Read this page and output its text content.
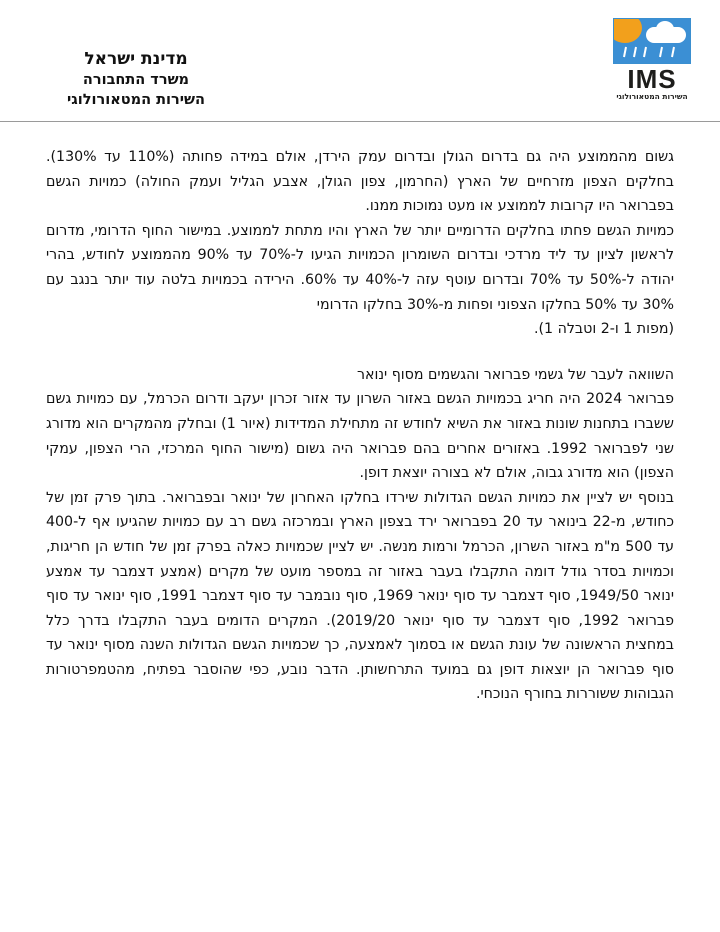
IMS
השירות המטאורולוגי
מדינת ישראל
משרד התחבורה
השירות המטאורולוגי

גשום מהממוצע היה גם בדרום הגולן ובדרום עמק הירדן, אולם במידה פחותה (110% עד 130%). בחלקים הצפון מזרחיים של הארץ (החרמון, צפון הגולן, אצבע הגליל ועמק החולה) כמויות הגשם בפברואר היו קרובות לממוצע או מעט נמוכות ממנו.

כמויות הגשם פחתו בחלקים הדרומיים יותר של הארץ והיו מתחת לממוצע. במישור החוף הדרומי, מדרום לראשון לציון עד ליד מרדכי ובדרום השומרון הכמויות הגיעו ל-70% עד 90% מהממוצע לחודש, בהרי יהודה ל-50% עד 70% ובדרום עוטף עזה ל-40% עד 60%. הירידה בכמויות בלטה עוד יותר בנגב עם 30% עד 50% בחלקו הצפוני ופחות מ-30% בחלקו הדרומי

(מפות 1 ו-2 וטבלה 1).

השוואה לעבר של גשמי פברואר והגשמים מסוף ינואר

פברואר 2024 היה חריג בכמויות הגשם באזור השרון עד אזור זכרון יעקב ודרום הכרמל, עם כמויות גשם ששברו בתחנות שונות באזור את השיא לחודש זה מתחילת המדידות (איור 1) ובחלק מהמקרים הוא מדורג שני לפברואר 1992. באזורים אחרים בהם פברואר היה גשום (מישור החוף המרכזי, הרי הצפון, עמקי הצפון) הוא מדורג גבוה, אולם לא בצורה יוצאת דופן.

בנוסף יש לציין את כמויות הגשם הגדולות שירדו בחלקו האחרון של ינואר ובפברואר. בתוך פרק זמן של כחודש, מ-22 בינואר עד 20 בפברואר ירד בצפון הארץ ובמרכזה גשם רב עם כמויות שהגיעו אף ל-400 עד 500 מ"מ באזור השרון, הכרמל ורמות מנשה. יש לציין שכמויות כאלה בפרק זמן של חודש הן חריגות, וכמויות בסדר גודל דומה התקבלו בעבר באזור זה במספר מועט של מקרים (אמצע דצמבר עד אמצע ינואר 1949/50, סוף דצמבר עד סוף ינואר 1969, סוף נובמבר עד סוף דצמבר 1991, סוף ינואר עד סוף פברואר 1992, סוף דצמבר עד סוף ינואר 2019/20). המקרים הדומים בעבר התקבלו בדרך כלל במחצית הראשונה של עונת הגשם או בסמוך לאמצעה, כך שכמויות הגשם הגדולות השנה מסוף ינואר עד סוף פברואר הן יוצאות דופן גם במועד התרחשותן. הדבר נובע, כפי שהוסבר בפתיח, מהטמפרטורות הגבוהות ששוררות בחורף הנוכחי.
